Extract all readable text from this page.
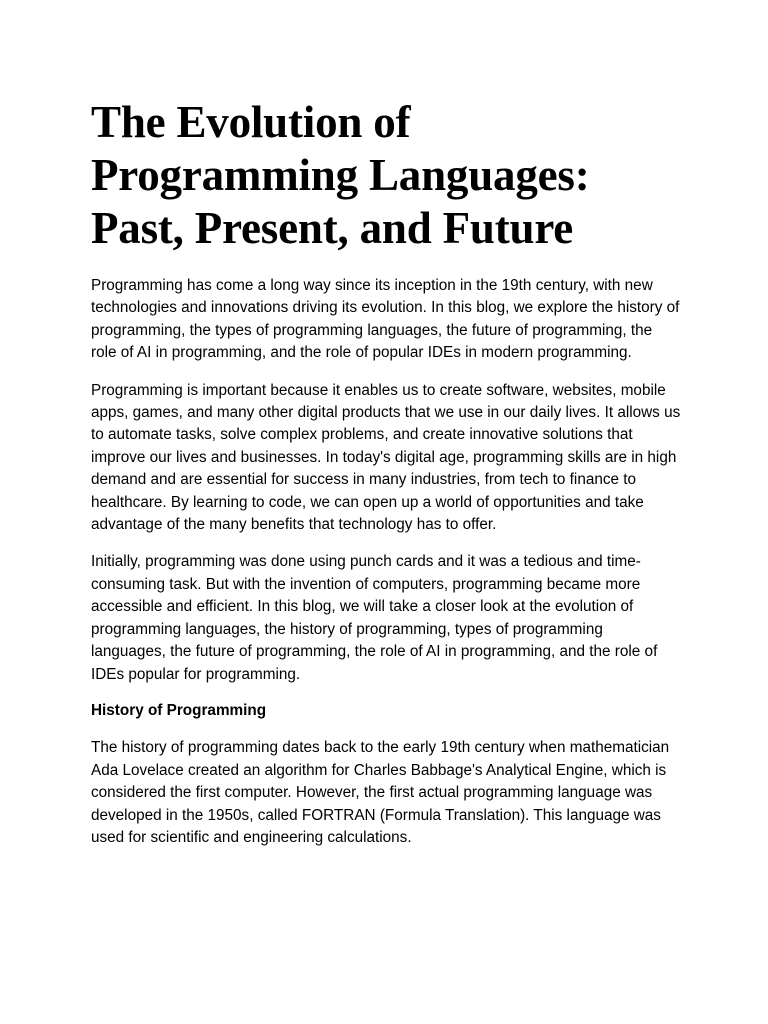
The Evolution of Programming Languages: Past, Present, and Future

Programming has come a long way since its inception in the 19th century, with new technologies and innovations driving its evolution. In this blog, we explore the history of programming, the types of programming languages, the future of programming, the role of AI in programming, and the role of popular IDEs in modern programming.

Programming is important because it enables us to create software, websites, mobile apps, games, and many other digital products that we use in our daily lives. It allows us to automate tasks, solve complex problems, and create innovative solutions that improve our lives and businesses. In today's digital age, programming skills are in high demand and are essential for success in many industries, from tech to finance to healthcare. By learning to code, we can open up a world of opportunities and take advantage of the many benefits that technology has to offer.

Initially, programming was done using punch cards and it was a tedious and time-consuming task. But with the invention of computers, programming became more accessible and efficient. In this blog, we will take a closer look at the evolution of programming languages, the history of programming, types of programming languages, the future of programming, the role of AI in programming, and the role of IDEs popular for programming.

History of Programming

The history of programming dates back to the early 19th century when mathematician Ada Lovelace created an algorithm for Charles Babbage's Analytical Engine, which is considered the first computer. However, the first actual programming language was developed in the 1950s, called FORTRAN (Formula Translation). This language was used for scientific and engineering calculations.
